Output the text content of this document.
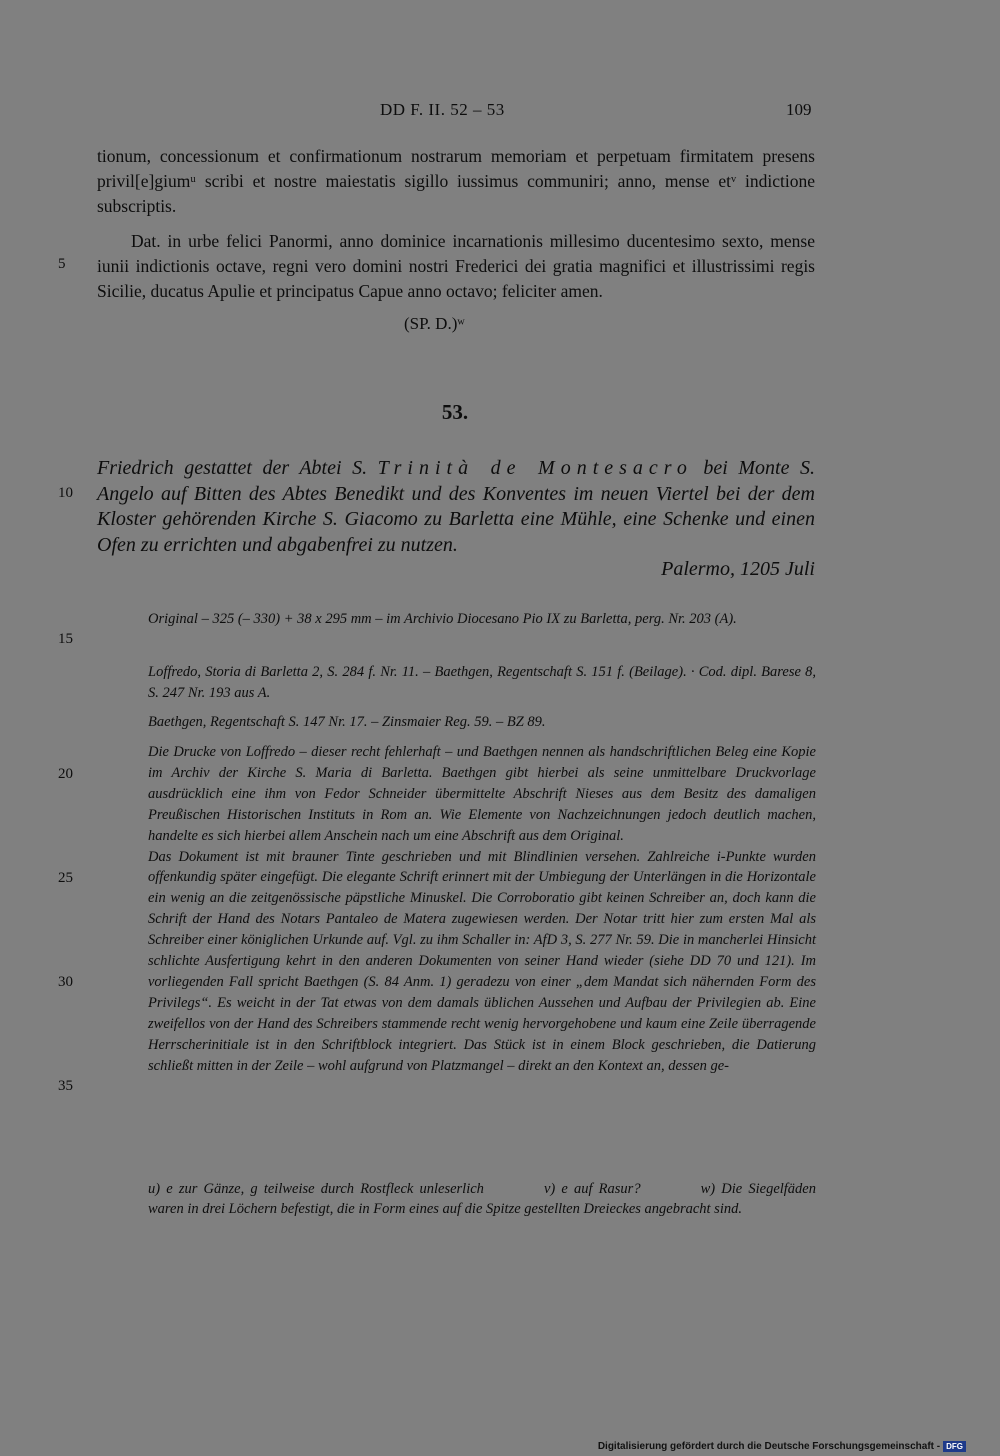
DD F. II. 52 – 53	109
tionum, concessionum et confirmationum nostrarum memoriam et perpetuam firmitatem presens privil[e]giumᵘ scribi et nostre maiestatis sigillo iussimus communiri; anno, mense etᵛ indictione subscriptis.
Dat. in urbe felici Panormi, anno dominice incarnationis millesimo ducentesimo sexto, mense iunii indictionis octave, regni vero domini nostri Frederici dei gratia magnifici et illustrissimi regis Sicilie, ducatus Apulie et principatus Capue anno octavo; feliciter amen.
(SP. D.)ʷ
53.
Friedrich gestattet der Abtei S. Trinità de Montesacro bei Monte S. Angelo auf Bitten des Abtes Benedikt und des Konventes im neuen Viertel bei der dem Kloster gehörenden Kirche S. Giacomo zu Barletta eine Mühle, eine Schenke und einen Ofen zu errichten und abgabenfrei zu nutzen.
Palermo, 1205 Juli
Original – 325 (– 330) + 38 x 295 mm – im Archivio Diocesano Pio IX zu Barletta, perg. Nr. 203 (A).
Loffredo, Storia di Barletta 2, S. 284 f. Nr. 11. – Baethgen, Regentschaft S. 151 f. (Beilage). · Cod. dipl. Barese 8, S. 247 Nr. 193 aus A.
Baethgen, Regentschaft S. 147 Nr. 17. – Zinsmaier Reg. 59. – BZ 89.
Die Drucke von Loffredo – dieser recht fehlerhaft – und Baethgen nennen als handschriftlichen Beleg eine Kopie im Archiv der Kirche S. Maria di Barletta. Baethgen gibt hierbei als seine unmittelbare Druckvorlage ausdrücklich eine ihm von Fedor Schneider übermittelte Abschrift Nieses aus dem Besitz des damaligen Preußischen Historischen Instituts in Rom an. Wie Elemente von Nachzeichnungen jedoch deutlich machen, handelte es sich hierbei allem Anschein nach um eine Abschrift aus dem Original.
Das Dokument ist mit brauner Tinte geschrieben und mit Blindlinien versehen. Zahlreiche i-Punkte wurden offenkundig später eingefügt. Die elegante Schrift erinnert mit der Umbiegung der Unterlängen in die Horizontale ein wenig an die zeitgenössische päpstliche Minuskel. Die Corroboratio gibt keinen Schreiber an, doch kann die Schrift der Hand des Notars Pantaleo de Matera zugewiesen werden. Der Notar tritt hier zum ersten Mal als Schreiber einer königlichen Urkunde auf. Vgl. zu ihm Schaller in: AfD 3, S. 277 Nr. 59. Die in mancherlei Hinsicht schlichte Ausfertigung kehrt in den anderen Dokumenten von seiner Hand wieder (siehe DD 70 und 121). Im vorliegenden Fall spricht Baethgen (S. 84 Anm. 1) geradezu von einer „dem Mandat sich nähernden Form des Privilegs“. Es weicht in der Tat etwas von dem damals üblichen Aussehen und Aufbau der Privilegien ab. Eine zweifellos von der Hand des Schreibers stammende recht wenig hervorgehobene und kaum eine Zeile überragende Herrscherinitiale ist in den Schriftblock integriert. Das Stück ist in einem Block geschrieben, die Datierung schließt mitten in der Zeile – wohl aufgrund von Platzmangel – direkt an den Kontext an, dessen ge-
5
10
15
20
25
30
35
u) e zur Gänze, g teilweise durch Rostfleck unleserlich	v) e auf Rasur?	w) Die Siegelfäden waren in drei Löchern befestigt, die in Form eines auf die Spitze gestellten Dreieckes angebracht sind.
Digitalisierung gefördert durch die Deutsche Forschungsgemeinschaft - DFG
